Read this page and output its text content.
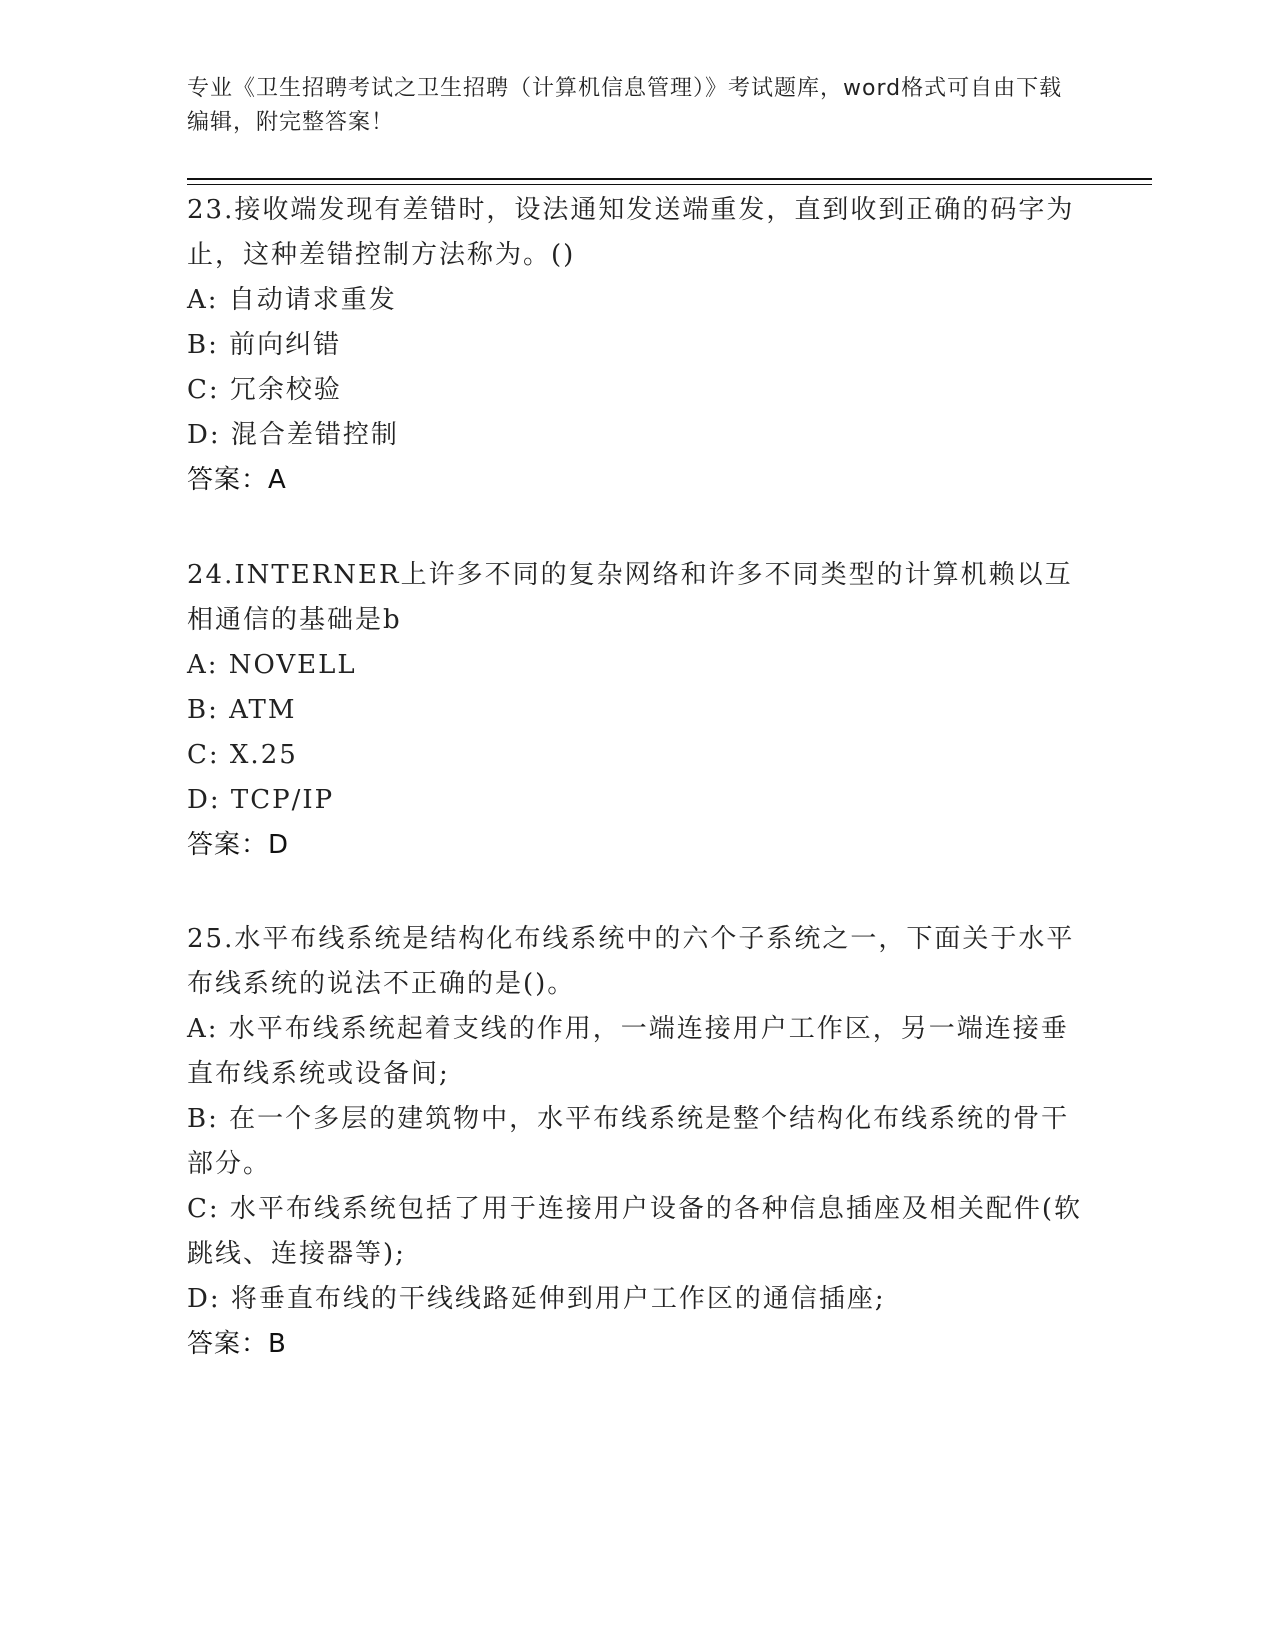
专业《卫生招聘考试之卫生招聘（计算机信息管理）》考试题库，word格式可自由下载编辑，附完整答案！
23.接收端发现有差错时，设法通知发送端重发，直到收到正确的码字为止，这种差错控制方法称为。()
A: 自动请求重发
B: 前向纠错
C: 冗余校验
D: 混合差错控制
答案：A
24.INTERNER上许多不同的复杂网络和许多不同类型的计算机赖以互相通信的基础是b
A: NOVELL
B: ATM
C: X.25
D: TCP/IP
答案：D
25.水平布线系统是结构化布线系统中的六个子系统之一，下面关于水平布线系统的说法不正确的是()。
A: 水平布线系统起着支线的作用，一端连接用户工作区，另一端连接垂直布线系统或设备间;
B: 在一个多层的建筑物中，水平布线系统是整个结构化布线系统的骨干部分。
C: 水平布线系统包括了用于连接用户设备的各种信息插座及相关配件(软跳线、连接器等);
D: 将垂直布线的干线线路延伸到用户工作区的通信插座;
答案：B
